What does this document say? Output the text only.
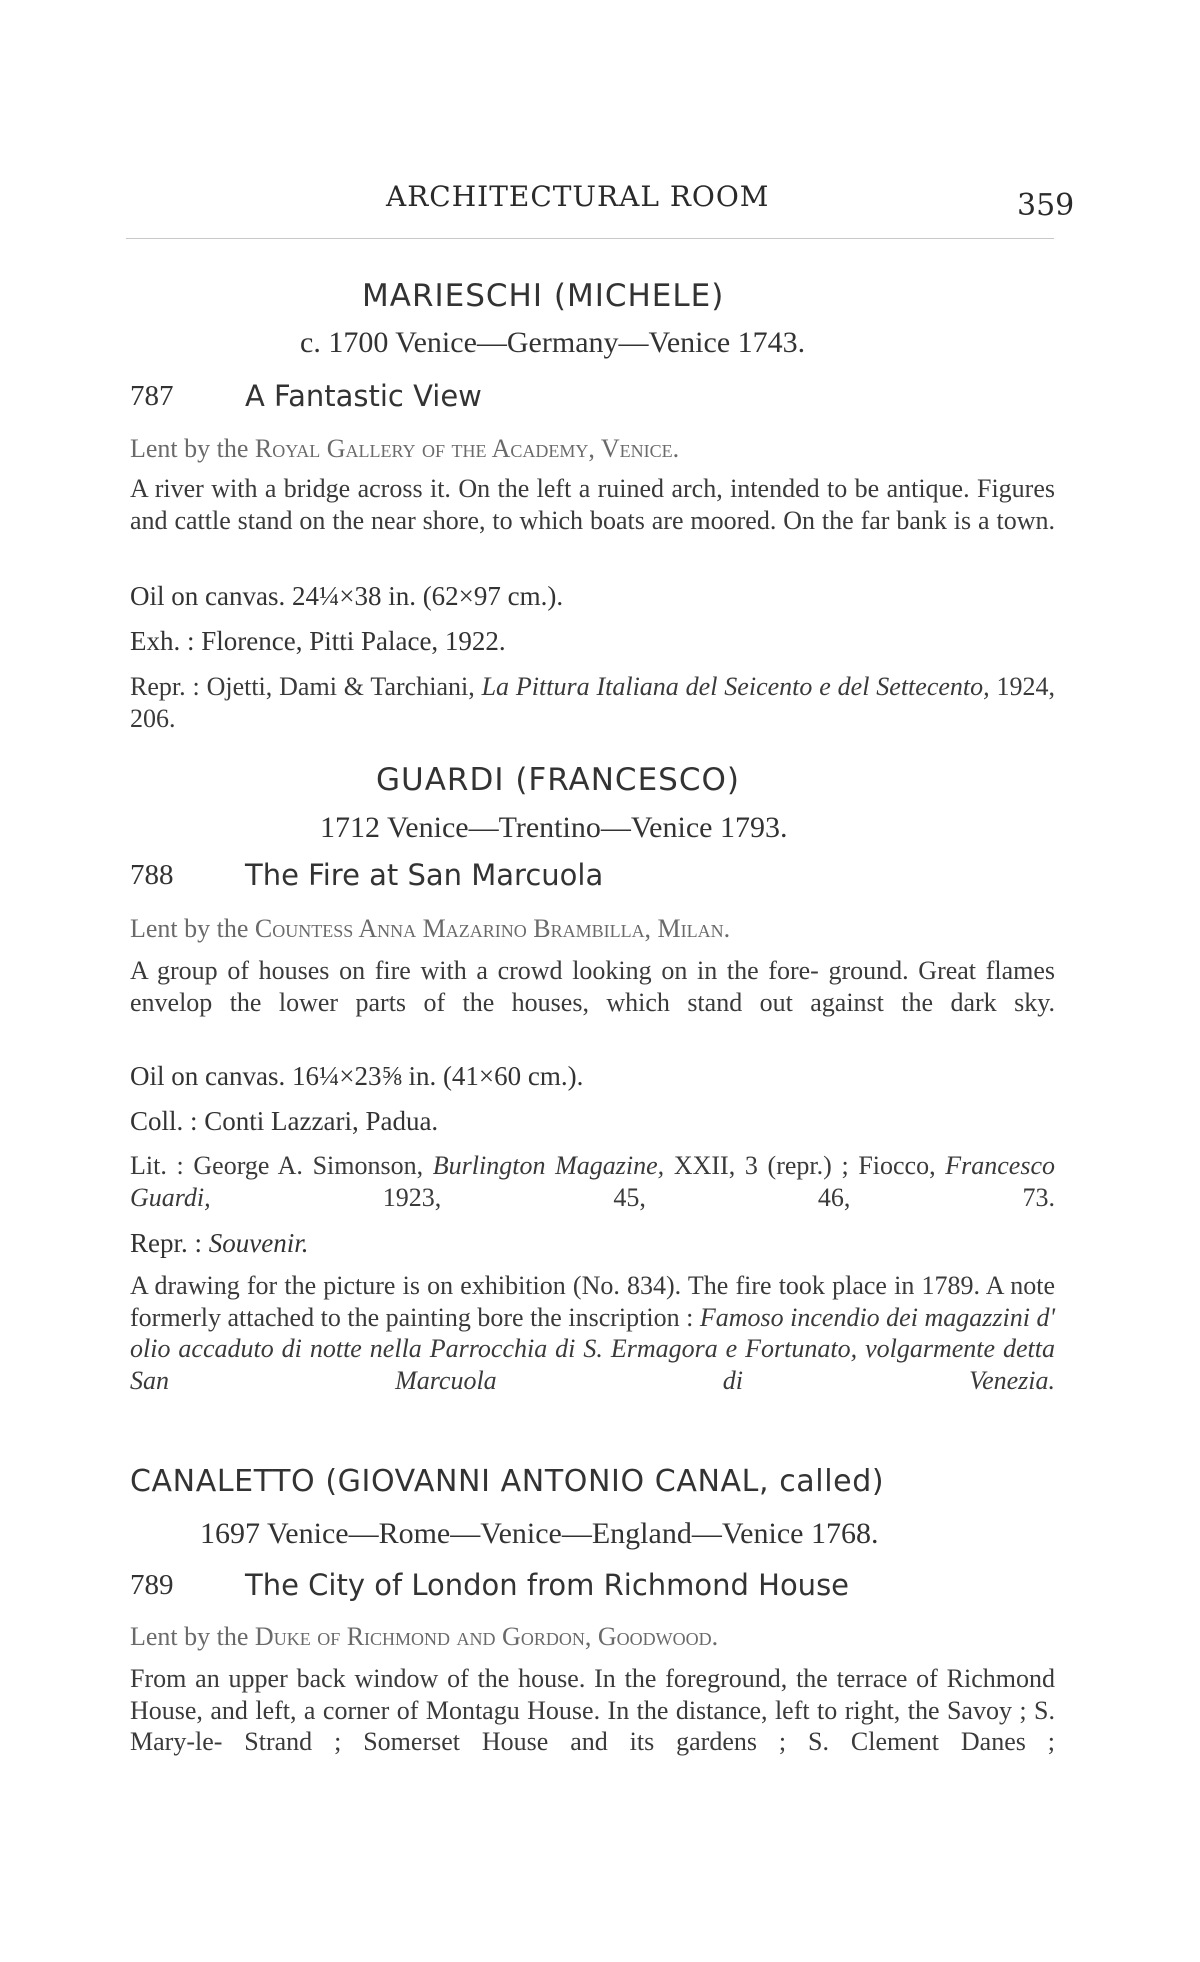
ARCHITECTURAL ROOM	359
MARIESCHI (MICHELE)
c. 1700 Venice—Germany—Venice 1743.
787 A Fantastic View
Lent by the Royal Gallery of the Academy, Venice.
A river with a bridge across it. On the left a ruined arch, intended to be antique. Figures and cattle stand on the near shore, to which boats are moored. On the far bank is a town.
Oil on canvas. 24¼×38 in. (62×97 cm.).
Exh. : Florence, Pitti Palace, 1922.
Repr. : Ojetti, Dami & Tarchiani, La Pittura Italiana del Seicento e del Settecento, 1924, 206.
GUARDI (FRANCESCO)
1712 Venice—Trentino—Venice 1793.
788 The Fire at San Marcuola
Lent by the Countess Anna Mazarino Brambilla, Milan.
A group of houses on fire with a crowd looking on in the fore- ground. Great flames envelop the lower parts of the houses, which stand out against the dark sky.
Oil on canvas. 16¼×23⅝ in. (41×60 cm.).
Coll. : Conti Lazzari, Padua.
Lit. : George A. Simonson, Burlington Magazine, XXII, 3 (repr.) ; Fiocco, Francesco Guardi,	1923, 45, 46, 73.
Repr. : Souvenir.
A drawing for the picture is on exhibition (No. 834). The fire took place in 1789. A note formerly attached to the painting bore the inscription : Famoso incendio dei magazzini d' olio accaduto di notte nella Parrocchia di S. Ermagora e Fortunato, volgarmente detta San Marcuola di Venezia.
CANALETTO (GIOVANNI ANTONIO CANAL, called)
1697 Venice—Rome—Venice—England—Venice 1768.
789 The City of London from Richmond House
Lent by the Duke of Richmond and Gordon, Goodwood.
From an upper back window of the house. In the foreground, the terrace of Richmond House, and left, a corner of Montagu House. In the distance, left to right, the Savoy ; S. Mary-le- Strand ; Somerset House and its gardens ; S. Clement Danes ;
